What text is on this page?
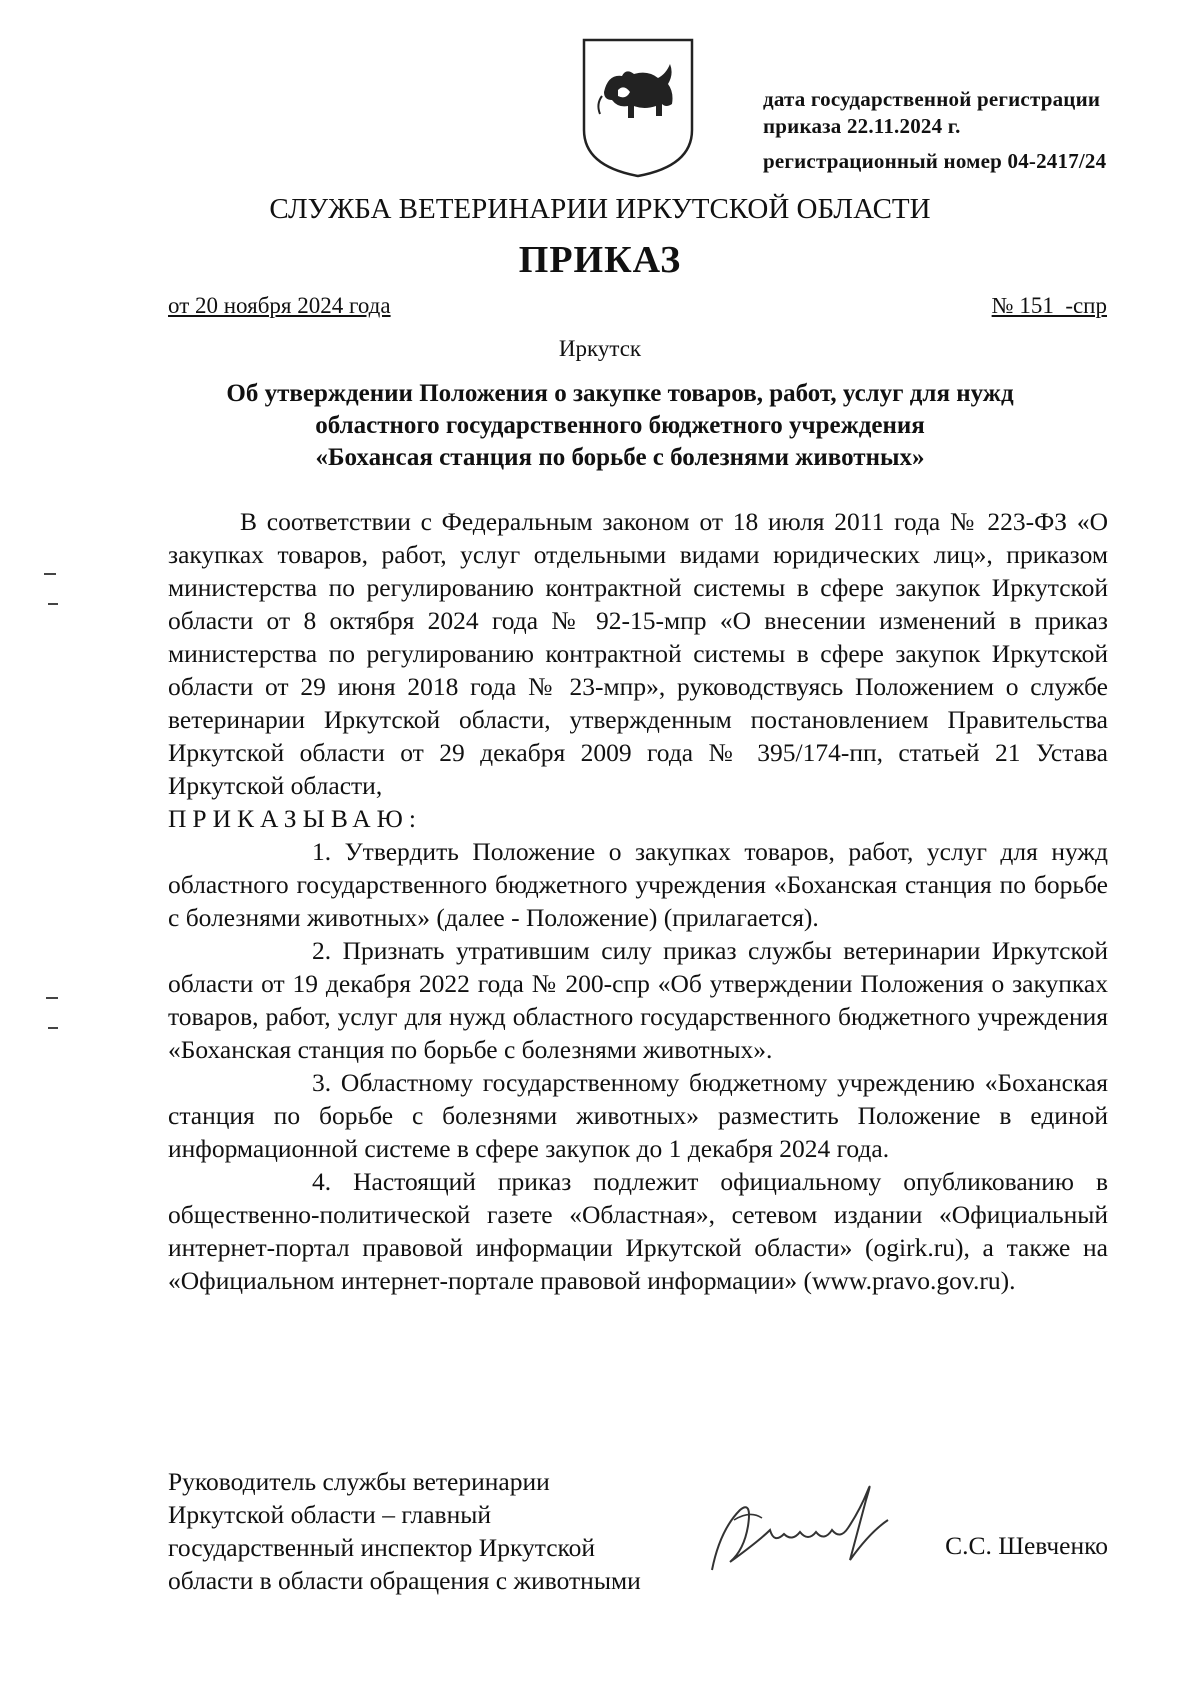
дата государственной регистрации
приказа 22.11.2024 г.
регистрационный номер 04-2417/24
СЛУЖБА ВЕТЕРИНАРИИ ИРКУТСКОЙ ОБЛАСТИ
ПРИКАЗ
от 20 ноября 2024 года	№ 151  -спр
Иркутск
Об утверждении Положения о закупке товаров, работ, услуг для нужд
областного государственного бюджетного учреждения
«Бохансая станция по борьбе с болезнями животных»

В соответствии с Федеральным законом от 18 июля 2011 года № 223-ФЗ «О закупках товаров, работ, услуг отдельными видами юридических лиц», приказом министерства по регулированию контрактной системы в сфере закупок Иркутской области от 8 октября 2024 года № 92-15-мпр «О внесении изменений в приказ министерства по регулированию контрактной системы в сфере закупок Иркутской области от 29 июня 2018 года № 23-мпр», руководствуясь Положением о службе ветеринарии Иркутской области, утвержденным постановлением Правительства Иркутской области от 29 декабря 2009 года № 395/174-пп, статьей 21 Устава Иркутской области,

ПРИКАЗЫВАЮ:

1. Утвердить Положение о закупках товаров, работ, услуг для нужд областного государственного бюджетного учреждения «Боханская станция по борьбе с болезнями животных» (далее - Положение) (прилагается).

2. Признать утратившим силу приказ службы ветеринарии Иркутской области от 19 декабря 2022 года № 200-спр «Об утверждении Положения о закупках товаров, работ, услуг для нужд областного государственного бюджетного учреждения «Боханская станция по борьбе с болезнями животных».

3. Областному государственному бюджетному учреждению «Боханская станция по борьбе с болезнями животных» разместить Положение в единой информационной системе в сфере закупок до 1 декабря 2024 года.

4. Настоящий приказ подлежит официальному опубликованию в общественно-политической газете «Областная», сетевом издании «Официальный интернет-портал правовой информации Иркутской области» (ogirk.ru), а также на «Официальном интернет-портале правовой информации» (www.pravo.gov.ru).

Руководитель службы ветеринарии
Иркутской области – главный
государственный инспектор Иркутской
области в области обращения с животными
С.С. Шевченко
